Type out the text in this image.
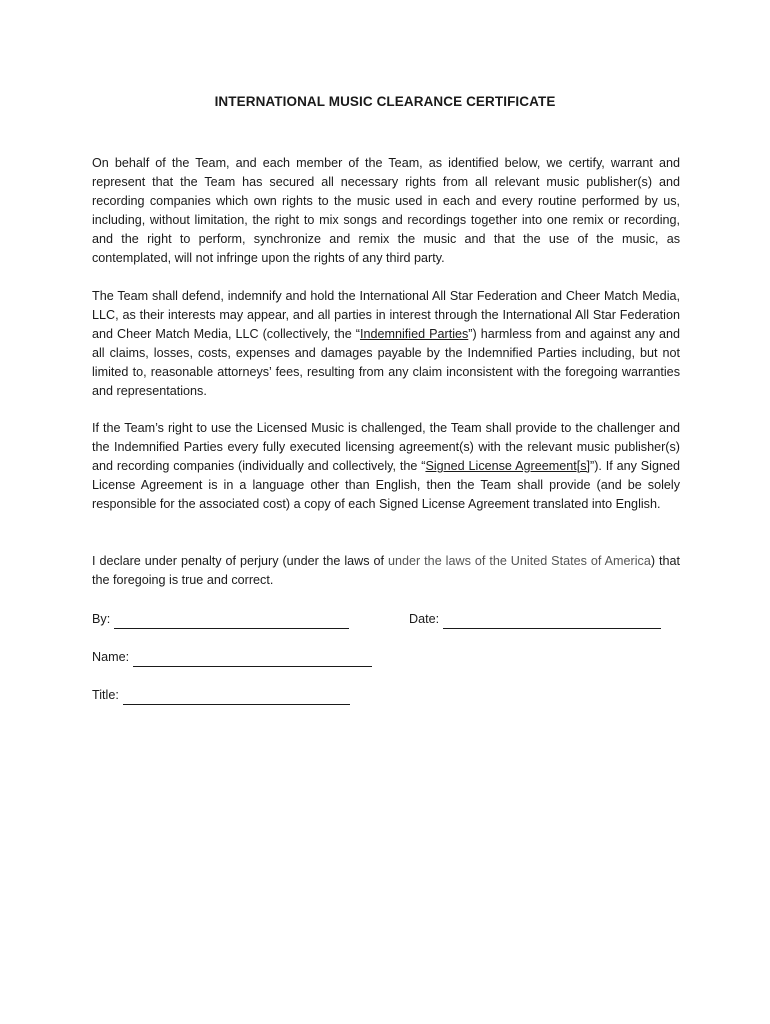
INTERNATIONAL MUSIC CLEARANCE CERTIFICATE
On behalf of the Team, and each member of the Team, as identified below, we certify, warrant and represent that the Team has secured all necessary rights from all relevant music publisher(s) and recording companies which own rights to the music used in each and every routine performed by us, including, without limitation, the right to mix songs and recordings together into one remix or recording, and the right to perform, synchronize and remix the music and that the use of the music, as contemplated, will not infringe upon the rights of any third party.
The Team shall defend, indemnify and hold the International All Star Federation and Cheer Match Media, LLC, as their interests may appear, and all parties in interest through the International All Star Federation and Cheer Match Media, LLC (collectively, the “Indemnified Parties”) harmless from and against any and all claims, losses, costs, expenses and damages payable by the Indemnified Parties including, but not limited to, reasonable attorneys’ fees, resulting from any claim inconsistent with the foregoing warranties and representations.
If the Team’s right to use the Licensed Music is challenged, the Team shall provide to the challenger and the Indemnified Parties every fully executed licensing agreement(s) with the relevant music publisher(s) and recording companies (individually and collectively, the “Signed License Agreement[s]”). If any Signed License Agreement is in a language other than English, then the Team shall provide (and be solely responsible for the associated cost) a copy of each Signed License Agreement translated into English.
I declare under penalty of perjury (under the laws of under the laws of the United States of America) that the foregoing is true and correct.
By:	Date:
Name:
Title:
